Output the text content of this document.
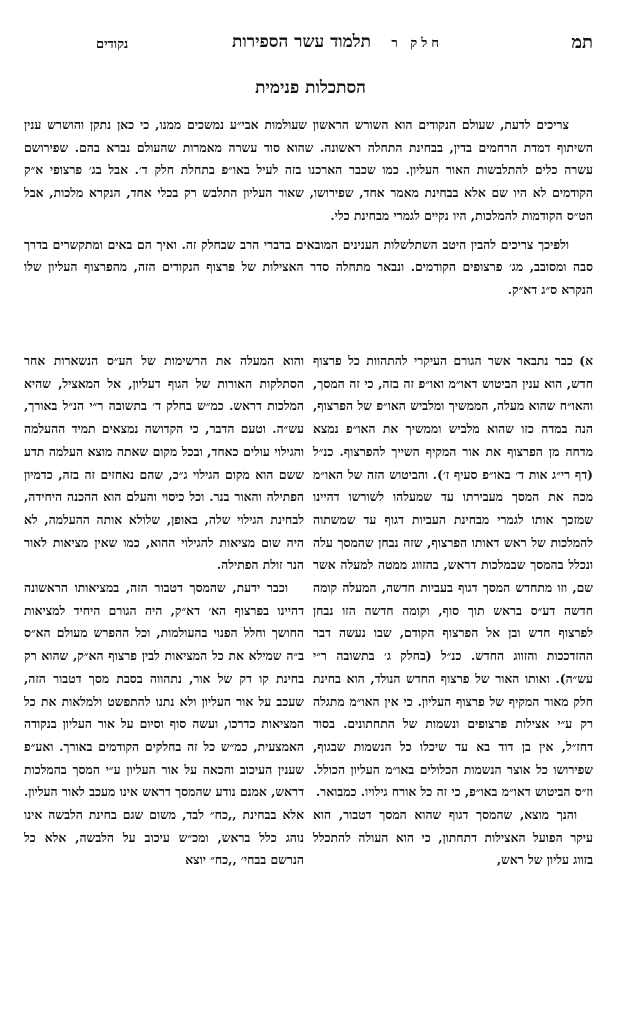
תמ
חלק ר
תלמוד עשר הספירות
נקודים
הסתכלות פנימית

צריכים לדעת, שעולם הנקודים הוא השורש הראשון שעולמות אבי״ע נמשכים ממנו, כי כאן נתקן והושרש ענין השיתוף דמדת הרחמים בדין, בבחינת התחלה ראשונה. שהוא סוד עשרה מאמרות שהעולם נברא בהם. שפירושם עשרה כלים להתלבשות האור העליון. כמו שכבר הארכנו בזה לעיל באו״פ בתחלת חלק ד׳. אבל בג׳ פרצופי א״ק הקודמים לא היו שם אלא בבחינת מאמר אחד, שפירושו, שאור העליון התלבש רק בכלי אחד, הנקרא מלכות, אבל הט״ס הקודמות להמלכות, היו נקיים לגמרי מבחינת כלי.

ולפיכך צריכים להבין היטב השתלשלות הענינים המובאים בדברי הרב שבחלק זה. ואיך הם באים ומתקשרים בדרך סבה ומסובב, מג׳ פרצופים הקודמים. ונבאר מתחלה סדר האצילות של פרצוף הנקודים הזה, מהפרצוף העליון שלו הנקרא ס״ג דא״ק.

א) כבר נתבאר אשר הגורם העיקרי להתהוות כל פרצוף חדש, הוא ענין הביטוש דאו״מ ואו״פ זה בזה, כי זה המסך, והאו״ח שהוא מעלה, הממשיך ומלביש האו״פ של הפרצוף, הנה במדה כזו שהוא מלביש וממשיך את האו״פ נמצא מדחה מן הפרצוף את אור המקיף השייך להפרצוף. כנ״ל (דף רי״ג אות ד׳ באו״פ סעיף ז׳). והביטוש הזה של האו״מ מכה את המסך מעבירתו עד שמעלהו לשורשו דהיינו שמזכך אותו לגמרי מבחינת העביות דגוף עד שמשתוה להמלכות של ראש דאותו הפרצוף, שזה נבחן שהמסך עלה ונכלל בהמסך שבמלכות דראש, בהזווג ממטה למעלה אשר שם, וזו מתחדש המסך דגוף בעביות חדשה, המעלה קומה חדשה דע״ס בראש תוך סוף, וקומה חדשה הזו נבחן לפרצוף חדש ובן אל הפרצוף הקודם, שבו נעשה דבר ההזדככות והזווג החדש. כנ״ל (בחלק ג׳ בתשובה ר״י עש״ה). ואותו האור של פרצוף החדש הנולד, הוא בחינת חלק מאור המקיף של פרצוף העליון. כי אין האו״מ מתגלה רק ע״י אצילות פרצופים ונשמות של התחתונים. בסוד דחז״ל, אין בן דוד בא עד שיכלו כל הנשמות שבגוף, שפירושו כל אוצר הנשמות הכלולים באו״מ העליון הכולל. וז״ס הביטוש דאו״מ באו״פ, כי זה כל אורח גילויו. כמבואר.

והנך מוצא, שהמסך דגוף שהוא המסך דטבור, הוא עיקר הפועל האצילות דתחתון, כי הוא העולה להתכלל בזווג עליון של ראש,

והוא המעלה את הרשימות של הע״ס הנשארות אחר הסתלקות האורות של הגוף דעליון, אל המאציל, שהיא המלכות דראש. כמ״ש בחלק ד׳ בתשובה ר״י הנ״ל באורך, עש״ה. וטעם הדבר, כי הקדושה נמצאים תמיד ההעלמה והגילוי עולים כאחד, ובכל מקום שאתה מוצא העלמה תדע ששם הוא מקום הגילוי ג״כ, שהם נאחזים זה בזה, כדמיון הפתילה והאור בנר. וכל כיסוי והעלם הוא ההכנה היחידה, לבחינת הגילוי שלה, באופן, שלולא אותה ההעלמה, לא היה שום מציאות להגילוי ההוא, כמו שאין מציאות לאור הנר זולת הפתילה.

וכבר ידעת, שהמסך דטבור הזה, במציאותו הראשונה דהיינו בפרצוף הא׳ דא״ק, היה הגורם היחיד למציאות החושך וחלל הפנוי בהעולמות, וכל ההפרש מעולם הא״ס ב״ה שמילא את כל המציאות לבין פרצוף הא״ק, שהוא רק בחינת קו דק של אור, נתהווה בסבת מסך דטבור הזה, שעכב על אור העליון ולא נתנו להתפשט ולמלאות את כל המציאות כדרכו, ועשה סוף וסיום על אור העליון בנקודה האמצעית, כמ״ש כל זה בחלקים הקודמים באורך. ואע״פ שענין העיכוב והכאה על אור העליון ע״י המסך בהמלכות דראש, אמנם נודע שהמסך דראש אינו מעכב לאור העליון. אלא בבחינת ,,כח״ לבד, משום שגם בחינת הלבשה אינו נוהג כלל בראש, ומכ״ש עיכוב על הלבשה, אלא כל הנרשם בבחי׳ ,,כח״ יוצא
